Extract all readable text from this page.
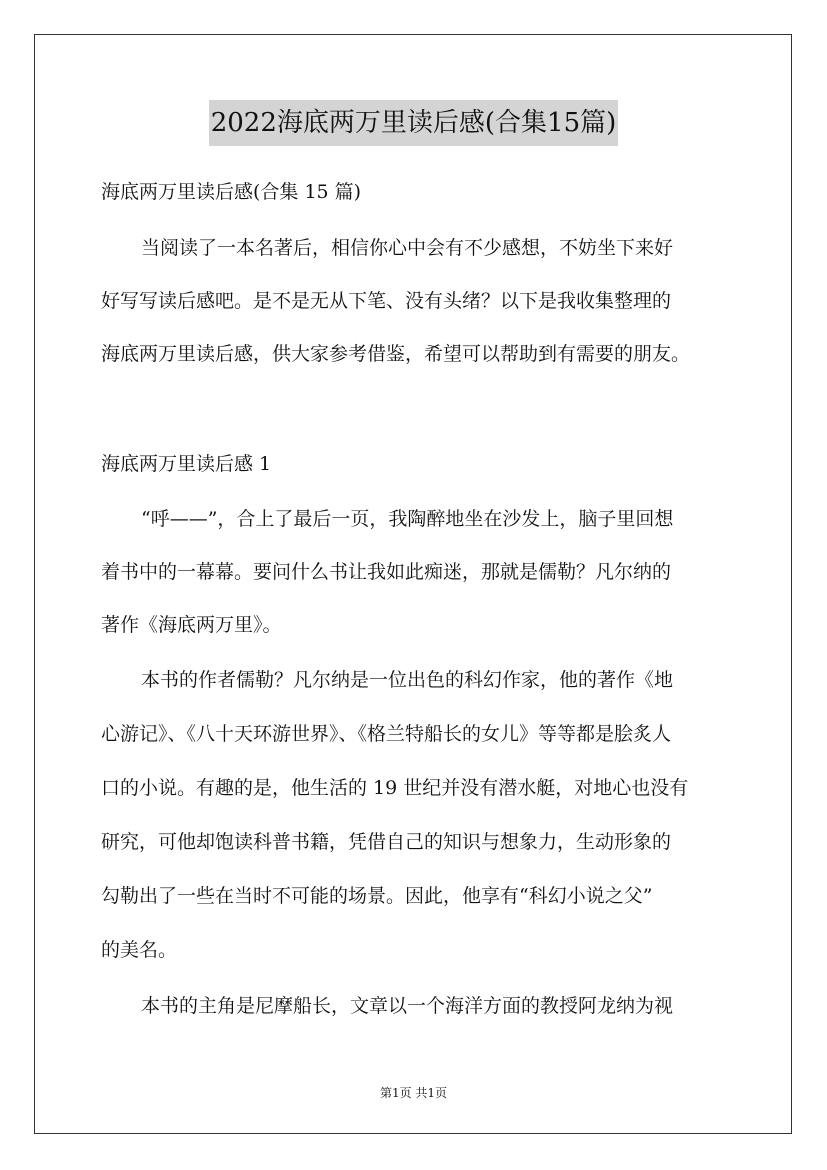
2022海底两万里读后感(合集15篇)
海底两万里读后感(合集 15 篇)
当阅读了一本名著后，相信你心中会有不少感想，不妨坐下来好
好写写读后感吧。是不是无从下笔、没有头绪？以下是我收集整理的
海底两万里读后感，供大家参考借鉴，希望可以帮助到有需要的朋友。
海底两万里读后感 1
“呼——”，合上了最后一页，我陶醉地坐在沙发上，脑子里回想
着书中的一幕幕。要问什么书让我如此痴迷，那就是儒勒？凡尔纳的
著作《海底两万里》。
本书的作者儒勒？凡尔纳是一位出色的科幻作家，他的著作《地
心游记》、《八十天环游世界》、《格兰特船长的女儿》等等都是脍炙人
口的小说。有趣的是，他生活的 19 世纪并没有潜水艇，对地心也没有
研究，可他却饱读科普书籍，凭借自己的知识与想象力，生动形象的
勾勒出了一些在当时不可能的场景。因此，他享有“科幻小说之父”
的美名。
本书的主角是尼摩船长，文章以一个海洋方面的教授阿龙纳为视
第1页 共1页
